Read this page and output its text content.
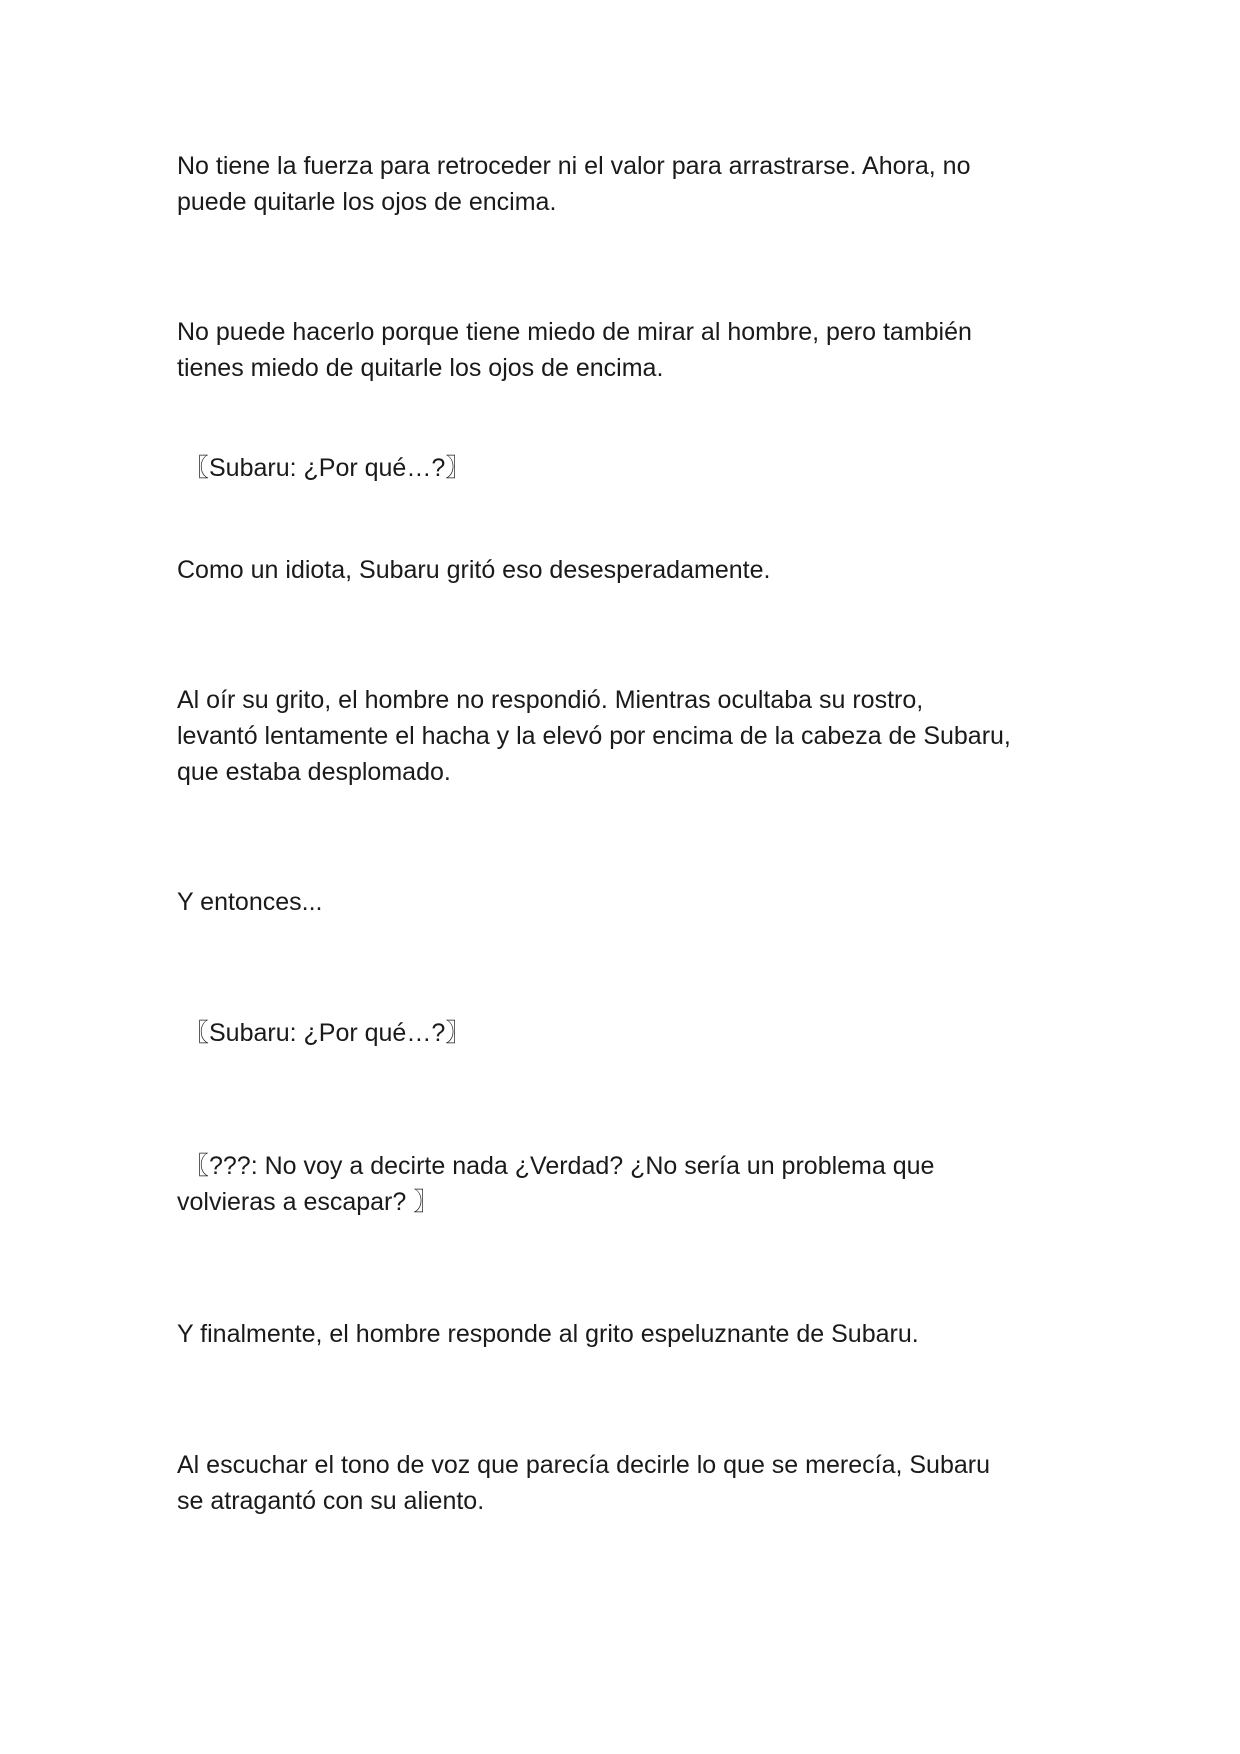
No tiene la fuerza para retroceder ni el valor para arrastrarse. Ahora, no
puede quitarle los ojos de encima.

No puede hacerlo porque tiene miedo de mirar al hombre, pero también
tienes miedo de quitarle los ojos de encima.

〖Subaru: ¿Por qué…?〗

Como un idiota, Subaru gritó eso desesperadamente.

Al oír su grito, el hombre no respondió. Mientras ocultaba su rostro,
levantó lentamente el hacha y la elevó por encima de la cabeza de Subaru,
que estaba desplomado.

Y entonces...

〖Subaru: ¿Por qué…?〗

〖???: No voy a decirte nada ¿Verdad? ¿No sería un problema que
volvieras a escapar? 〗

Y finalmente, el hombre responde al grito espeluznante de Subaru.

Al escuchar el tono de voz que parecía decirle lo que se merecía, Subaru
se atragantó con su aliento.
